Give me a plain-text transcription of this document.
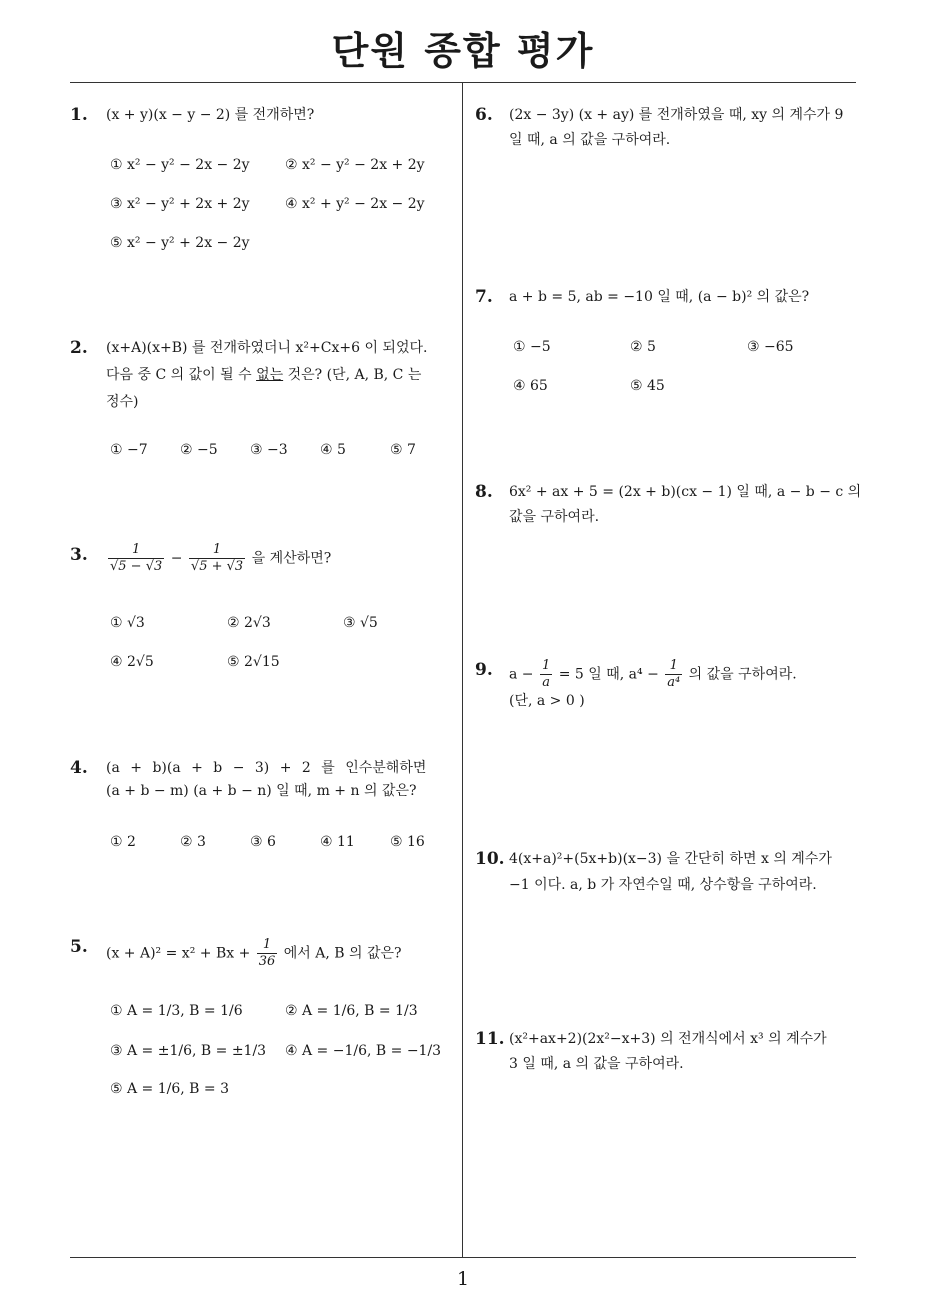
단원 종합 평가
1
1. (x + y)(x − y − 2) 를 전개하면?
① x² − y² − 2x − 2y	② x² − y² − 2x + 2y
③ x² − y² + 2x + 2y	④ x² + y² − 2x − 2y
⑤ x² − y² + 2x − 2y
2. (x+A)(x+B) 를 전개하였더니 x²+Cx+6 이 되었다.
다음 중 C 의 값이 될 수 없는 것은? (단, A, B, C 는
정수)
① −7 ② −5 ③ −3 ④ 5	⑤ 7
3. $\frac{1}{√5 - √3} - \frac{1}{√5 + √3}$ 을 계산하면?
① √3	② 2√3	③ √5
④ 2√5	⑤ 2√15
4. (a + b)(a + b − 3) + 2 를 인수분해하면
(a + b − m) (a + b − n) 일 때, m + n 의 값은?
① 2	② 3	③ 6	④ 11	⑤ 16
5. $(x + A)^2 = x^2 + Bx + \frac{1}{36}$ 에서 A, B 의 값은?
① A = 1/3, B = 1/6	② A = 1/6, B = 1/3
③ A = ±1/6, B = ±1/3 ④ A = −1/6, B = −1/3
⑤ A = 1/6, B = 3
6. (2x − 3y) (x + ay) 를 전개하였을 때, xy 의 계수가 9
일 때, a 의 값을 구하여라.
7. a + b = 5, ab = −10 일 때, (a − b)² 의 값은?
① −5	② 5	③ −65
④ 65	⑤ 45
8. 6x² + ax + 5 = (2x + b)(cx − 1) 일 때, a − b − c 의
값을 구하여라.
9. $a - \frac{1}{a} = 5$ 일 때, $a^4 - \frac{1}{\text{a⁴}}$ 의 값을 구하여라.
(단, a > 0 )
10. 4(x+a)²+(5x+b)(x−3) 을 간단히 하면 x 의 계수가
−1 이다. a, b 가 자연수일 때, 상수항을 구하여라.
11. (x²+ax+2)(2x²−x+3) 의 전개식에서 x³ 의 계수가
3 일 때, a 의 값을 구하여라.
